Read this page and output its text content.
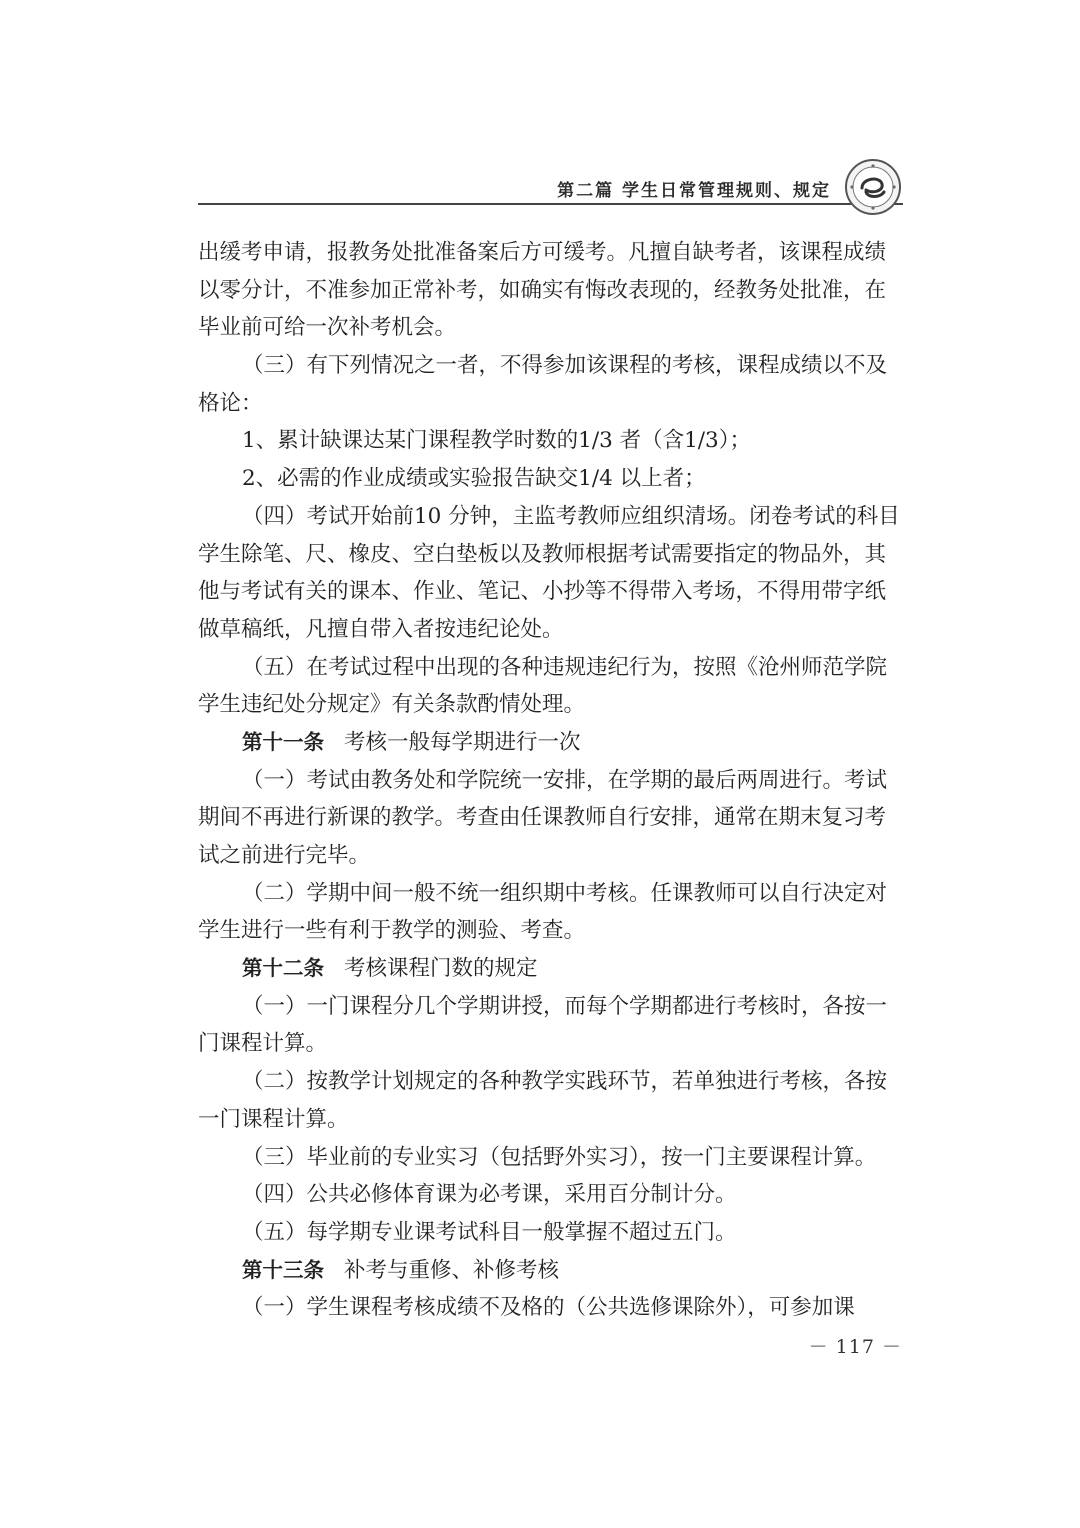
第二篇 学生日常管理规则、规定
出缓考申请，报教务处批准备案后方可缓考。凡擅自缺考者，该课程成绩
以零分计，不准参加正常补考，如确实有悔改表现的，经教务处批准，在
毕业前可给一次补考机会。
（三）有下列情况之一者，不得参加该课程的考核，课程成绩以不及
格论：
1、累计缺课达某门课程教学时数的1/3 者（含1/3）；
2、必需的作业成绩或实验报告缺交1/4 以上者；
（四）考试开始前10 分钟，主监考教师应组织清场。闭卷考试的科目
学生除笔、尺、橡皮、空白垫板以及教师根据考试需要指定的物品外，其
他与考试有关的课本、作业、笔记、小抄等不得带入考场，不得用带字纸
做草稿纸，凡擅自带入者按违纪论处。
（五）在考试过程中出现的各种违规违纪行为，按照《沧州师范学院
学生违纪处分规定》有关条款酌情处理。
第十一条 考核一般每学期进行一次
（一）考试由教务处和学院统一安排，在学期的最后两周进行。考试
期间不再进行新课的教学。考查由任课教师自行安排，通常在期末复习考
试之前进行完毕。
（二）学期中间一般不统一组织期中考核。任课教师可以自行决定对
学生进行一些有利于教学的测验、考查。
第十二条 考核课程门数的规定
（一）一门课程分几个学期讲授，而每个学期都进行考核时，各按一
门课程计算。
（二）按教学计划规定的各种教学实践环节，若单独进行考核，各按
一门课程计算。
（三）毕业前的专业实习（包括野外实习），按一门主要课程计算。
（四）公共必修体育课为必考课，采用百分制计分。
（五）每学期专业课考试科目一般掌握不超过五门。
第十三条 补考与重修、补修考核
（一）学生课程考核成绩不及格的（公共选修课除外），可参加课
－ 117 －
